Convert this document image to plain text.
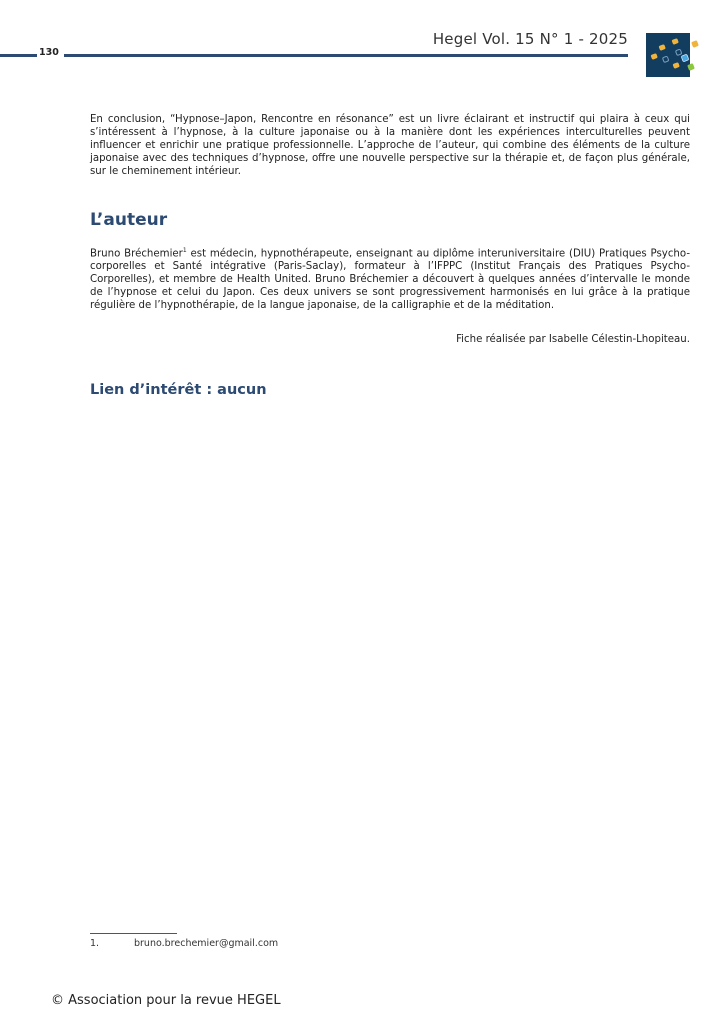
Hegel Vol. 15 N° 1 - 2025
130
En conclusion, “Hypnose–Japon, Rencontre en résonance” est un livre éclairant et instructif qui plaira à ceux qui s’intéressent à l’hypnose, à la culture japonaise ou à la manière dont les expériences interculturelles peuvent influencer et enrichir une pratique professionnelle. L’approche de l’auteur, qui combine des éléments de la culture japonaise avec des techniques d’hypnose, offre une nouvelle perspective sur la thérapie et, de façon plus générale, sur le cheminement intérieur.
L’auteur
Bruno Bréchemier$^1$ est médecin, hypnothérapeute, enseignant au diplôme interuniversitaire (DIU) Pratiques Psycho-corporelles et Santé intégrative (Paris-Saclay), formateur à l’IFPPC (Institut Français des Pratiques Psycho-Corporelles), et membre de Health United. Bruno Bréchemier a découvert à quelques années d’intervalle le monde de l’hypnose et celui du Japon. Ces deux univers se sont progressivement harmonisés en lui grâce à la pratique régulière de l’hypnothérapie, de la langue japonaise, de la calligraphie et de la méditation.
Fiche réalisée par Isabelle Célestin-Lhopiteau.
Lien d’intérêt : aucun
1.	bruno.brechemier@gmail.com
© Association pour la revue HEGEL
